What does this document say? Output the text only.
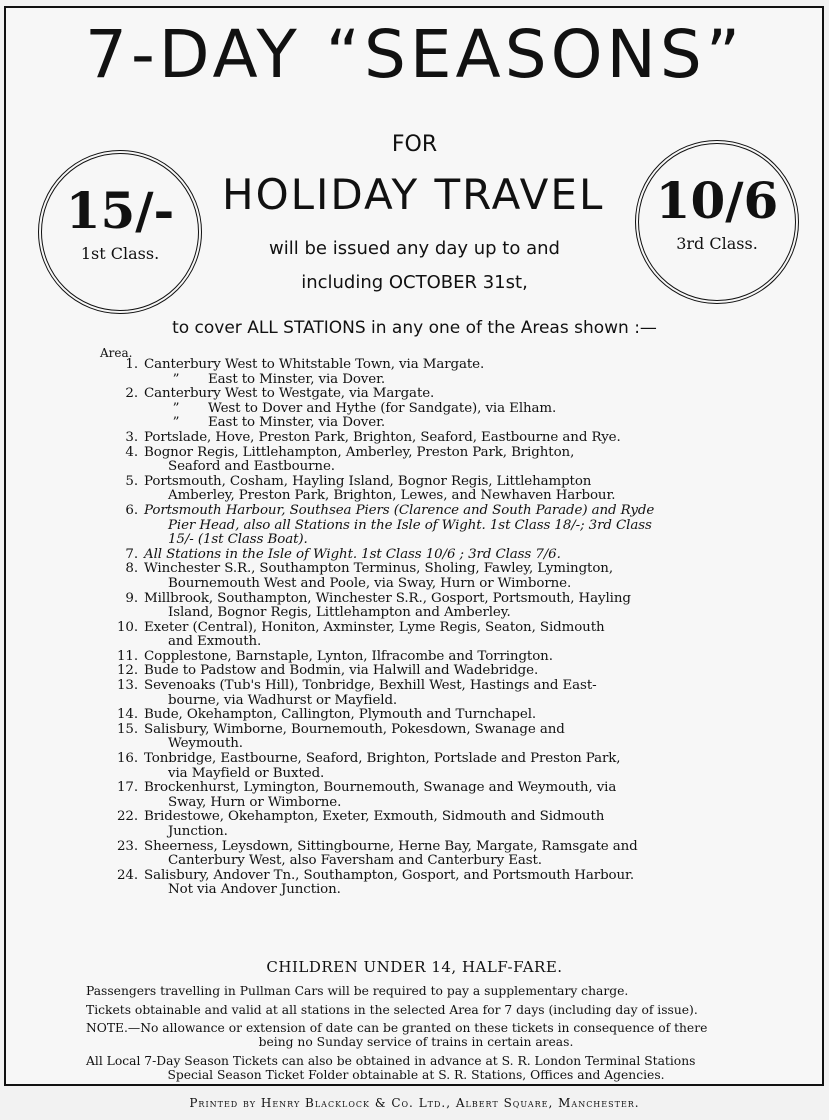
7-DAY “SEASONS”
FOR
HOLIDAY TRAVEL
will be issued any day up to and
including OCTOBER 31st,
15/-
1st Class.
10/6
3rd Class.
to cover ALL STATIONS in any one of the Areas shown :—
Area.
1. Canterbury West to Whitstable Town, via Margate.
” East to Minster, via Dover.
2. Canterbury West to Westgate, via Margate.
” West to Dover and Hythe (for Sandgate), via Elham.
” East to Minster, via Dover.
3. Portslade, Hove, Preston Park, Brighton, Seaford, Eastbourne and Rye.
4. Bognor Regis, Littlehampton, Amberley, Preston Park, Brighton,
Seaford and Eastbourne.
5. Portsmouth, Cosham, Hayling Island, Bognor Regis, Littlehampton
Amberley, Preston Park, Brighton, Lewes, and Newhaven Harbour.
6. Portsmouth Harbour, Southsea Piers (Clarence and South Parade) and Ryde
Pier Head, also all Stations in the Isle of Wight. 1st Class 18/-; 3rd Class
15/- (1st Class Boat).
7. All Stations in the Isle of Wight. 1st Class 10/6 ; 3rd Class 7/6.
8. Winchester S.R., Southampton Terminus, Sholing, Fawley, Lymington,
Bournemouth West and Poole, via Sway, Hurn or Wimborne.
9. Millbrook, Southampton, Winchester S.R., Gosport, Portsmouth, Hayling
Island, Bognor Regis, Littlehampton and Amberley.
10. Exeter (Central), Honiton, Axminster, Lyme Regis, Seaton, Sidmouth
and Exmouth.
11. Copplestone, Barnstaple, Lynton, Ilfracombe and Torrington.
12. Bude to Padstow and Bodmin, via Halwill and Wadebridge.
13. Sevenoaks (Tub's Hill), Tonbridge, Bexhill West, Hastings and East-
bourne, via Wadhurst or Mayfield.
14. Bude, Okehampton, Callington, Plymouth and Turnchapel.
15. Salisbury, Wimborne, Bournemouth, Pokesdown, Swanage and
Weymouth.
16. Tonbridge, Eastbourne, Seaford, Brighton, Portslade and Preston Park,
via Mayfield or Buxted.
17. Brockenhurst, Lymington, Bournemouth, Swanage and Weymouth, via
Sway, Hurn or Wimborne.
22. Bridestowe, Okehampton, Exeter, Exmouth, Sidmouth and Sidmouth
Junction.
23. Sheerness, Leysdown, Sittingbourne, Herne Bay, Margate, Ramsgate and
Canterbury West, also Faversham and Canterbury East.
24. Salisbury, Andover Tn., Southampton, Gosport, and Portsmouth Harbour.
Not via Andover Junction.
CHILDREN UNDER 14, HALF-FARE.
Passengers travelling in Pullman Cars will be required to pay a supplementary charge.
Tickets obtainable and valid at all stations in the selected Area for 7 days (including day of issue).
NOTE.—No allowance or extension of date can be granted on these tickets in consequence of there
being no Sunday service of trains in certain areas.
All Local 7-Day Season Tickets can also be obtained in advance at S. R. London Terminal Stations
Special Season Ticket Folder obtainable at S. R. Stations, Offices and Agencies.
Printed by Henry Blacklock & Co. Ltd., Albert Square, Manchester.
